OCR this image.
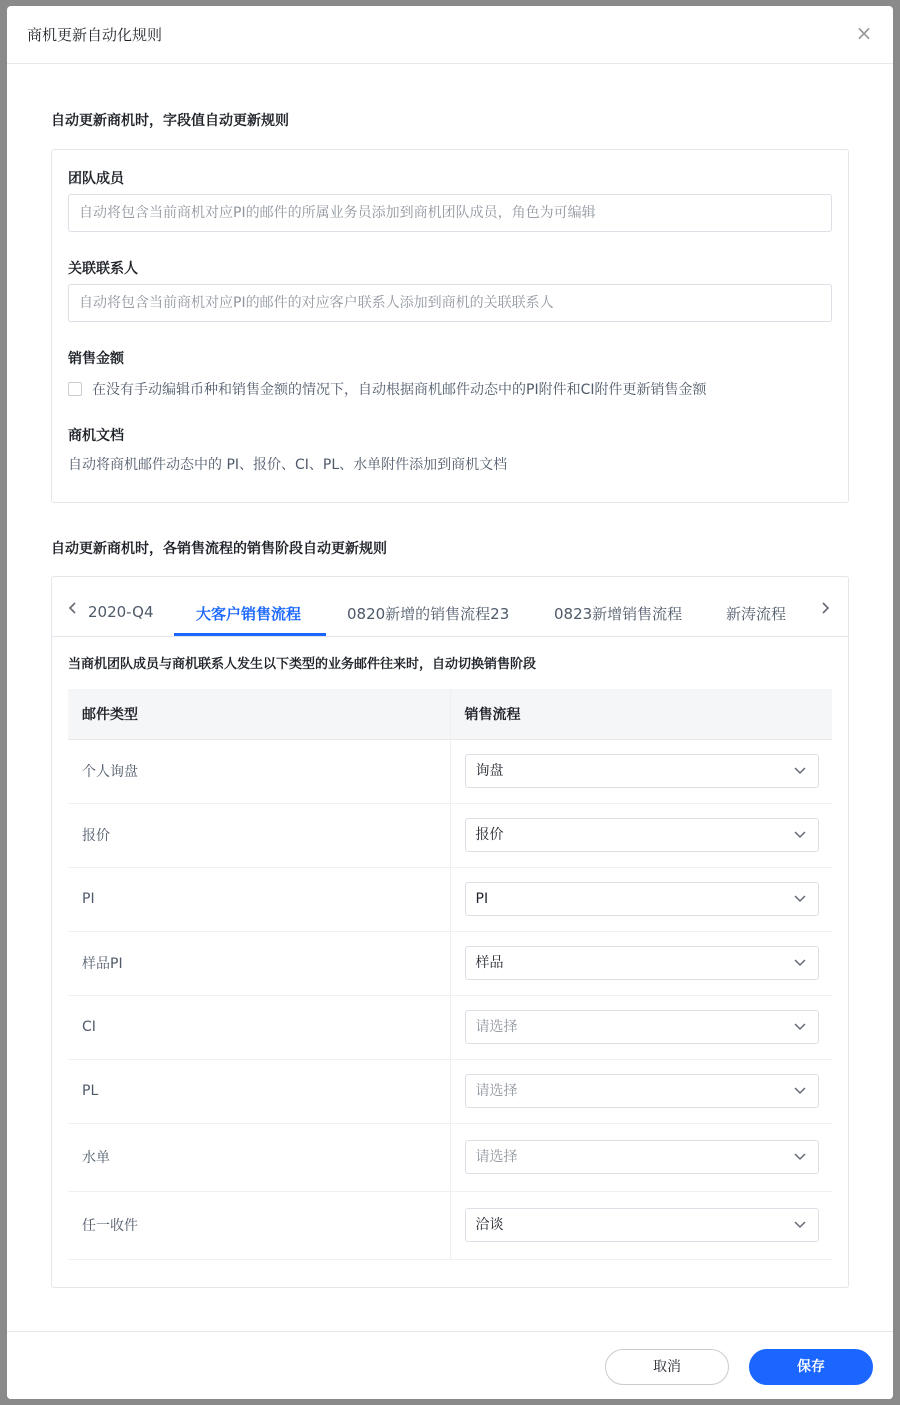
商机更新自动化规则	×
自动更新商机时，字段值自动更新规则
团队成员
自动将包含当前商机对应PI的邮件的所属业务员添加到商机团队成员，角色为可编辑
关联联系人
自动将包含当前商机对应PI的邮件的对应客户联系人添加到商机的关联联系人
销售金额
在没有手动编辑币种和销售金额的情况下，自动根据商机邮件动态中的PI附件和CI附件更新销售金额
商机文档
自动将商机邮件动态中的 PI、报价、CI、PL、水单附件添加到商机文档
自动更新商机时，各销售流程的销售阶段自动更新规则
2020-Q4	大客户销售流程	0820新增的销售流程23	0823新增销售流程	新涛流程
当商机团队成员与商机联系人发生以下类型的业务邮件往来时，自动切换销售阶段
邮件类型	销售流程
个人询盘	询盘

报价	报价

PI	PI

样品PI	样品

CI	请选择

PL	请选择

水单	请选择

任一收件	洽谈
取消	保存
